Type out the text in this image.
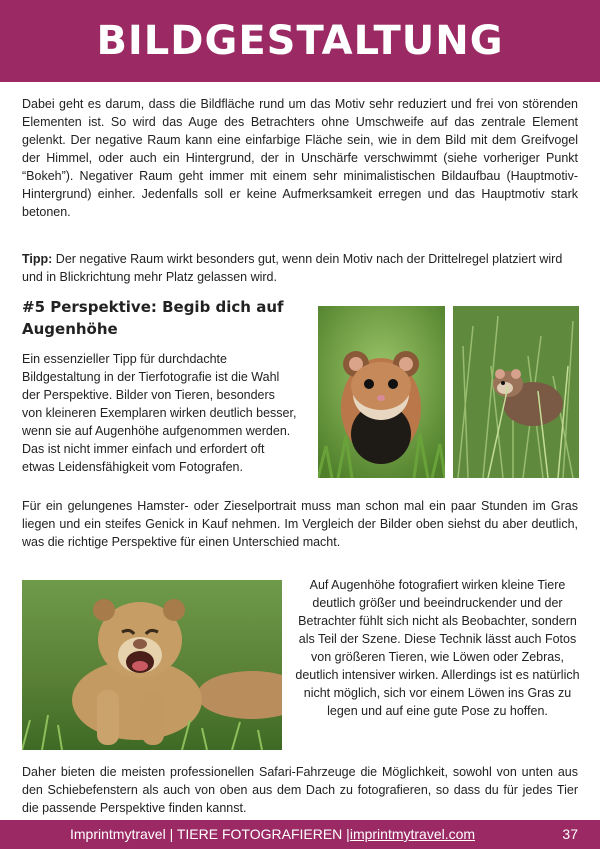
BILDGESTALTUNG

Dabei geht es darum, dass die Bildfläche rund um das Motiv sehr reduziert und frei von störenden Elementen ist. So wird das Auge des Betrachters ohne Umschweife auf das zentrale Element gelenkt. Der negative Raum kann eine einfarbige Fläche sein, wie in dem Bild mit dem Greifvogel der Himmel, oder auch ein Hintergrund, der in Unschärfe verschwimmt (siehe vorheriger Punkt “Bokeh”). Negativer Raum geht immer mit einem sehr minimalistischen Bildaufbau (Hauptmotiv- Hintergrund) einher. Jedenfalls soll er keine Aufmerksamkeit erregen und das Hauptmotiv stark betonen.

Tipp: Der negative Raum wirkt besonders gut, wenn dein Motiv nach der Drittelregel platziert wird und in Blickrichtung mehr Platz gelassen wird.

#5 Perspektive: Begib dich auf Augenhöhe

Ein essenzieller Tipp für durchdachte Bildgestaltung in der Tierfotografie ist die Wahl der Perspektive. Bilder von Tieren, besonders von kleineren Exemplaren wirken deutlich besser, wenn sie auf Augenhöhe aufgenommen werden. Das ist nicht immer einfach und erfordert oft etwas Leidensfähigkeit vom Fotografen.

Für ein gelungenes Hamster- oder Zieselportrait muss man schon mal ein paar Stunden im Gras liegen und ein steifes Genick in Kauf nehmen. Im Vergleich der Bilder oben siehst du aber deutlich, was die richtige Perspektive für einen Unterschied macht.

Auf Augenhöhe fotografiert wirken kleine Tiere deutlich größer und beeindruckender und der Betrachter fühlt sich nicht als Beobachter, sondern als Teil der Szene. Diese Technik lässt auch Fotos von größeren Tieren, wie Löwen oder Zebras, deutlich intensiver wirken. Allerdings ist es natürlich nicht möglich, sich vor einem Löwen ins Gras zu legen und auf eine gute Pose zu hoffen.

Daher bieten die meisten professionellen Safari-Fahrzeuge die Möglichkeit, sowohl von unten aus den Schiebefenstern als auch von oben aus dem Dach zu fotografieren, so dass du für jedes Tier die passende Perspektive finden kannst.

Imprintmytravel | TIERE FOTOGRAFIEREN |imprintmytravel.com	37
